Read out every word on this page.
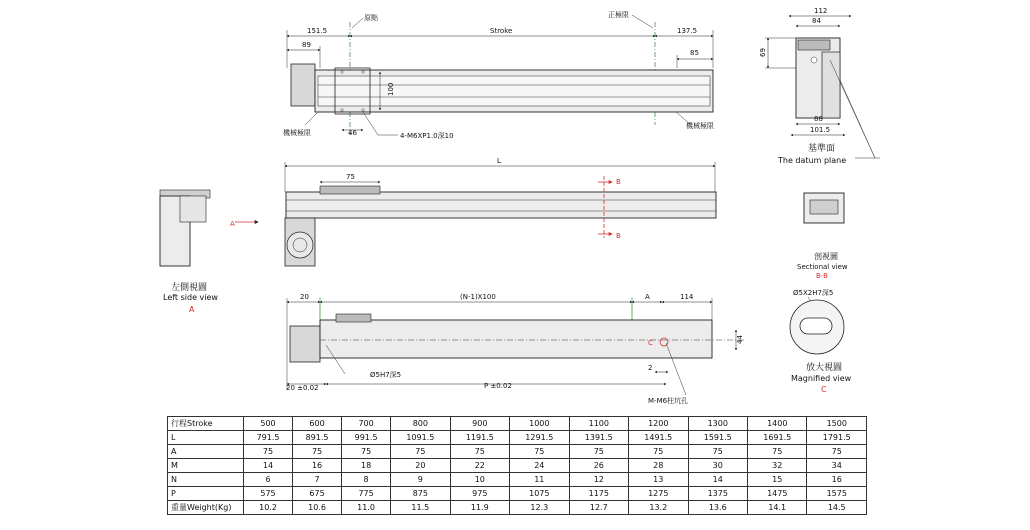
151.5
89
Stroke	137.5
85
原點	正極限
100
46	4-M6XP1.0深10
機械極限
機械極限
112
84
69
88
101.5
基準面
The datum plane
左側視圖
Left side view
A
L
75
A
B
B
剖視圖
Sectional view
B-B
20	(N-1)X100	A	114
44
2
Ø5H7深5
20 ±0.02	P ±0.02
M-M6柱坑孔
C
Ø5X2H7深5
放大視圖
Magnified view
C
行程Stroke	500	600	700	800	900	1000	1100	1200	1300	1400	1500
L	791.5	891.5	991.5	1091.5	1191.5	1291.5	1391.5	1491.5	1591.5	1691.5	1791.5
A	75	75	75	75	75	75	75	75	75	75	75
M	14	16	18	20	22	24	26	28	30	32	34
N	6	7	8	9	10	11	12	13	14	15	16
P	575	675	775	875	975	1075	1175	1275	1375	1475	1575
重量Weight(Kg)	10.2	10.6	11.0	11.5	11.9	12.3	12.7	13.2	13.6	14.1	14.5
